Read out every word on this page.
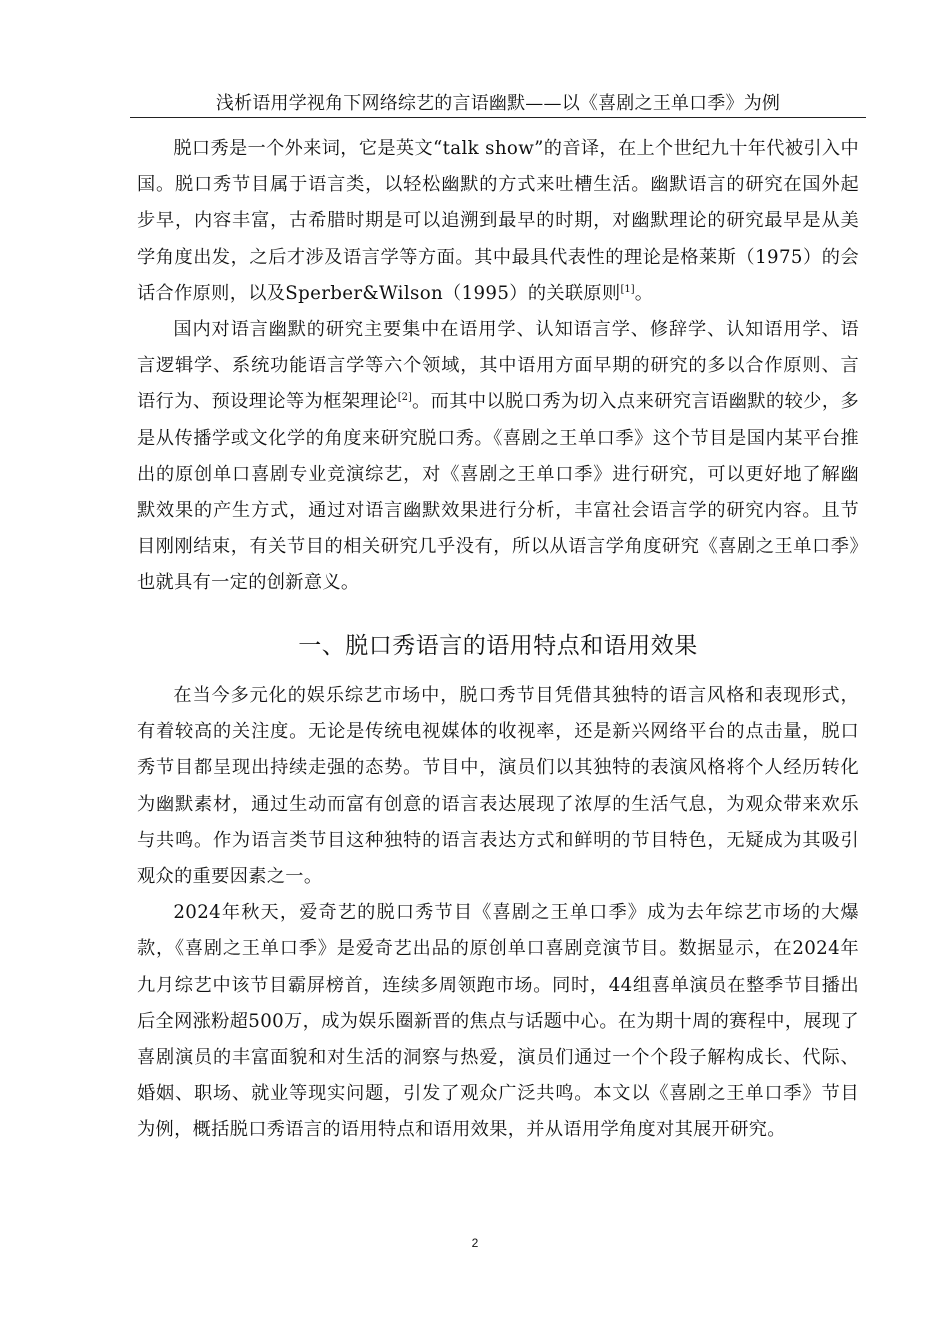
浅析语用学视角下网络综艺的言语幽默——以《喜剧之王单口季》为例

脱口秀是一个外来词，它是英文“talk show”的音译，在上个世纪九十年代被引入中国。脱口秀节目属于语言类，以轻松幽默的方式来吐槽生活。幽默语言的研究在国外起步早，内容丰富，古希腊时期是可以追溯到最早的时期，对幽默理论的研究最早是从美学角度出发，之后才涉及语言学等方面。其中最具代表性的理论是格莱斯（1975）的会话合作原则，以及Sperber&Wilson（1995）的关联原则[1]。

国内对语言幽默的研究主要集中在语用学、认知语言学、修辞学、认知语用学、语言逻辑学、系统功能语言学等六个领域，其中语用方面早期的研究的多以合作原则、言语行为、预设理论等为框架理论[2]。而其中以脱口秀为切入点来研究言语幽默的较少，多是从传播学或文化学的角度来研究脱口秀。《喜剧之王单口季》这个节目是国内某平台推出的原创单口喜剧专业竞演综艺，对《喜剧之王单口季》进行研究，可以更好地了解幽默效果的产生方式，通过对语言幽默效果进行分析，丰富社会语言学的研究内容。且节目刚刚结束，有关节目的相关研究几乎没有，所以从语言学角度研究《喜剧之王单口季》也就具有一定的创新意义。

一、脱口秀语言的语用特点和语用效果

在当今多元化的娱乐综艺市场中，脱口秀节目凭借其独特的语言风格和表现形式，有着较高的关注度。无论是传统电视媒体的收视率，还是新兴网络平台的点击量，脱口秀节目都呈现出持续走强的态势。节目中，演员们以其独特的表演风格将个人经历转化为幽默素材，通过生动而富有创意的语言表达展现了浓厚的生活气息，为观众带来欢乐与共鸣。作为语言类节目这种独特的语言表达方式和鲜明的节目特色，无疑成为其吸引观众的重要因素之一。

2024年秋天，爱奇艺的脱口秀节目《喜剧之王单口季》成为去年综艺市场的大爆款，《喜剧之王单口季》是爱奇艺出品的原创单口喜剧竞演节目。数据显示，在2024年九月综艺中该节目霸屏榜首，连续多周领跑市场。同时，44组喜单演员在整季节目播出后全网涨粉超500万，成为娱乐圈新晋的焦点与话题中心。在为期十周的赛程中，展现了喜剧演员的丰富面貌和对生活的洞察与热爱，演员们通过一个个段子解构成长、代际、婚姻、职场、就业等现实问题，引发了观众广泛共鸣。本文以《喜剧之王单口季》节目为例，概括脱口秀语言的语用特点和语用效果，并从语用学角度对其展开研究。

2
